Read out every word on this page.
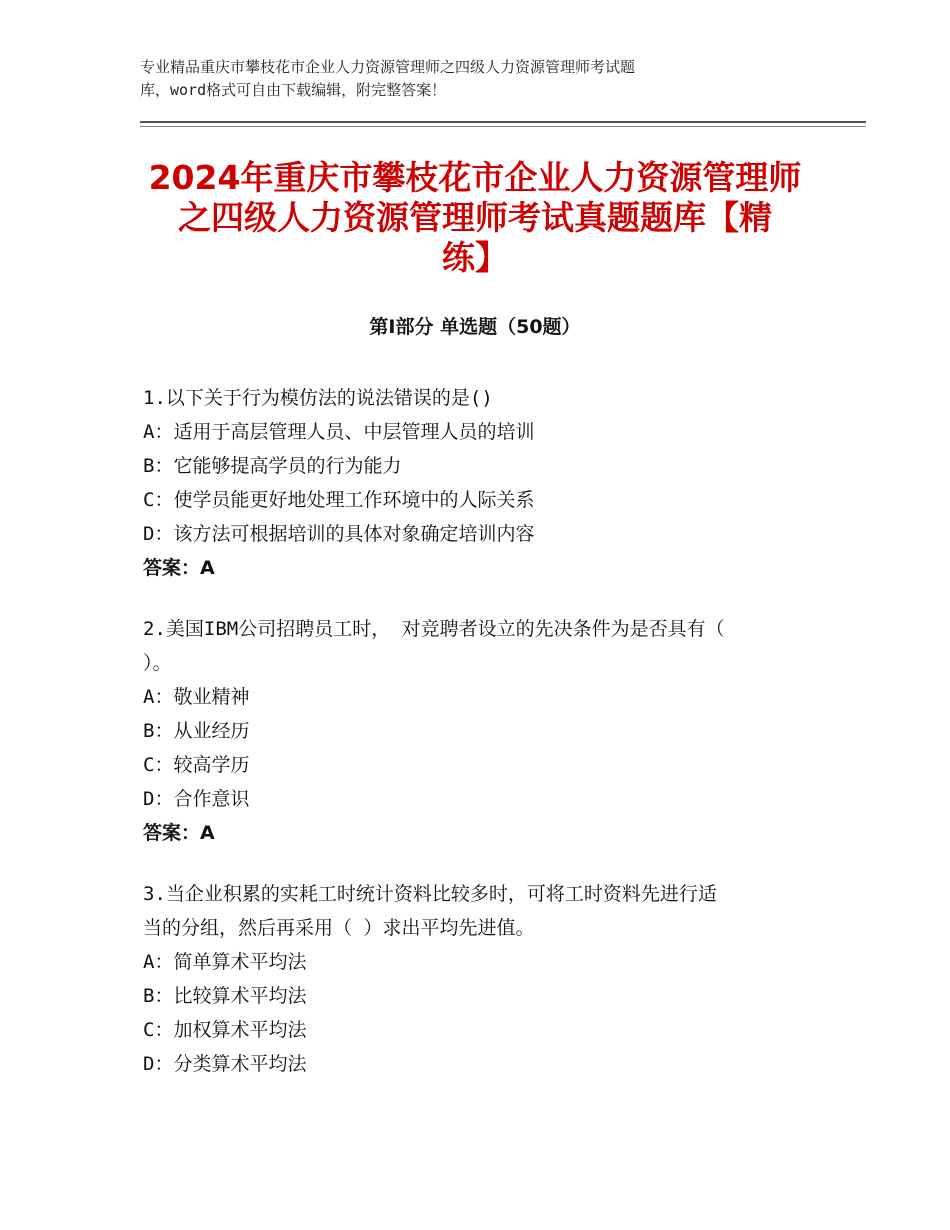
专业精品重庆市攀枝花市企业人力资源管理师之四级人力资源管理师考试题
库，word格式可自由下载编辑，附完整答案！
2024年重庆市攀枝花市企业人力资源管理师
之四级人力资源管理师考试真题题库【精
练】
第Ⅰ部分 单选题（50题）

1.以下关于行为模仿法的说法错误的是()

A：适用于高层管理人员、中层管理人员的培训

B：它能够提高学员的行为能力

C：使学员能更好地处理工作环境中的人际关系

D：该方法可根据培训的具体对象确定培训内容

答案：A

2.美国IBM公司招聘员工时， 对竞聘者设立的先决条件为是否具有（

）。

A：敬业精神

B：从业经历

C：较高学历

D：合作意识

答案：A

3.当企业积累的实耗工时统计资料比较多时，可将工时资料先进行适

当的分组，然后再采用（ ）求出平均先进值。

A：简单算术平均法

B：比较算术平均法

C：加权算术平均法

D：分类算术平均法
